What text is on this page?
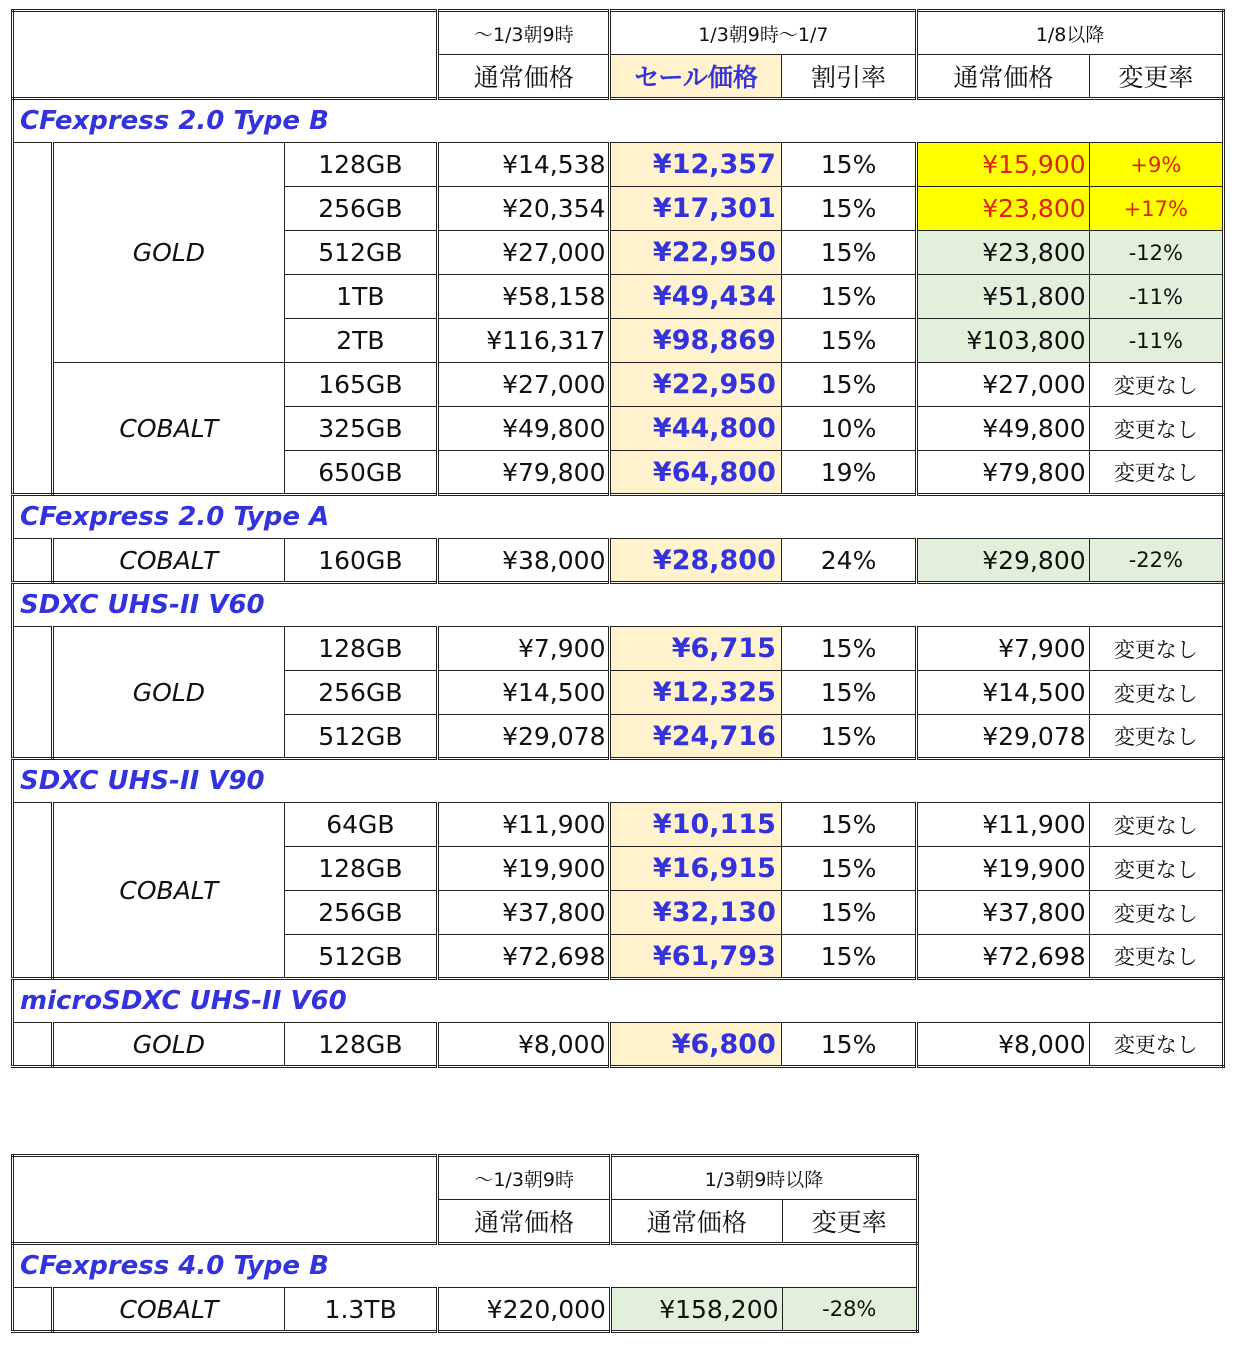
			～1/3朝9時	1/3朝9時～1/7		1/8以降	
			通常価格	セール価格	割引率	通常価格	変更率
CFexpress 2.0 Type B							
	GOLD	128GB	¥14,538	¥12,357	15%	¥15,900	+9%
		256GB	¥20,354	¥17,301	15%	¥23,800	+17%
		512GB	¥27,000	¥22,950	15%	¥23,800	-12%
		1TB	¥58,158	¥49,434	15%	¥51,800	-11%
		2TB	¥116,317	¥98,869	15%	¥103,800	-11%
	COBALT	165GB	¥27,000	¥22,950	15%	¥27,000	変更なし
		325GB	¥49,800	¥44,800	10%	¥49,800	変更なし
		650GB	¥79,800	¥64,800	19%	¥79,800	変更なし
CFexpress 2.0 Type A							
	COBALT	160GB	¥38,000	¥28,800	24%	¥29,800	-22%
SDXC UHS-II V60							
	GOLD	128GB	¥7,900	¥6,715	15%	¥7,900	変更なし
		256GB	¥14,500	¥12,325	15%	¥14,500	変更なし
		512GB	¥29,078	¥24,716	15%	¥29,078	変更なし
SDXC UHS-II V90							
	COBALT	64GB	¥11,900	¥10,115	15%	¥11,900	変更なし
		128GB	¥19,900	¥16,915	15%	¥19,900	変更なし
		256GB	¥37,800	¥32,130	15%	¥37,800	変更なし
		512GB	¥72,698	¥61,793	15%	¥72,698	変更なし
microSDXC UHS-II V60							
	GOLD	128GB	¥8,000	¥6,800	15%	¥8,000	変更なし
			～1/3朝9時	1/3朝9時以降	
			通常価格	通常価格	変更率
CFexpress 4.0 Type B					
	COBALT	1.3TB	¥220,000	¥158,200	-28%
